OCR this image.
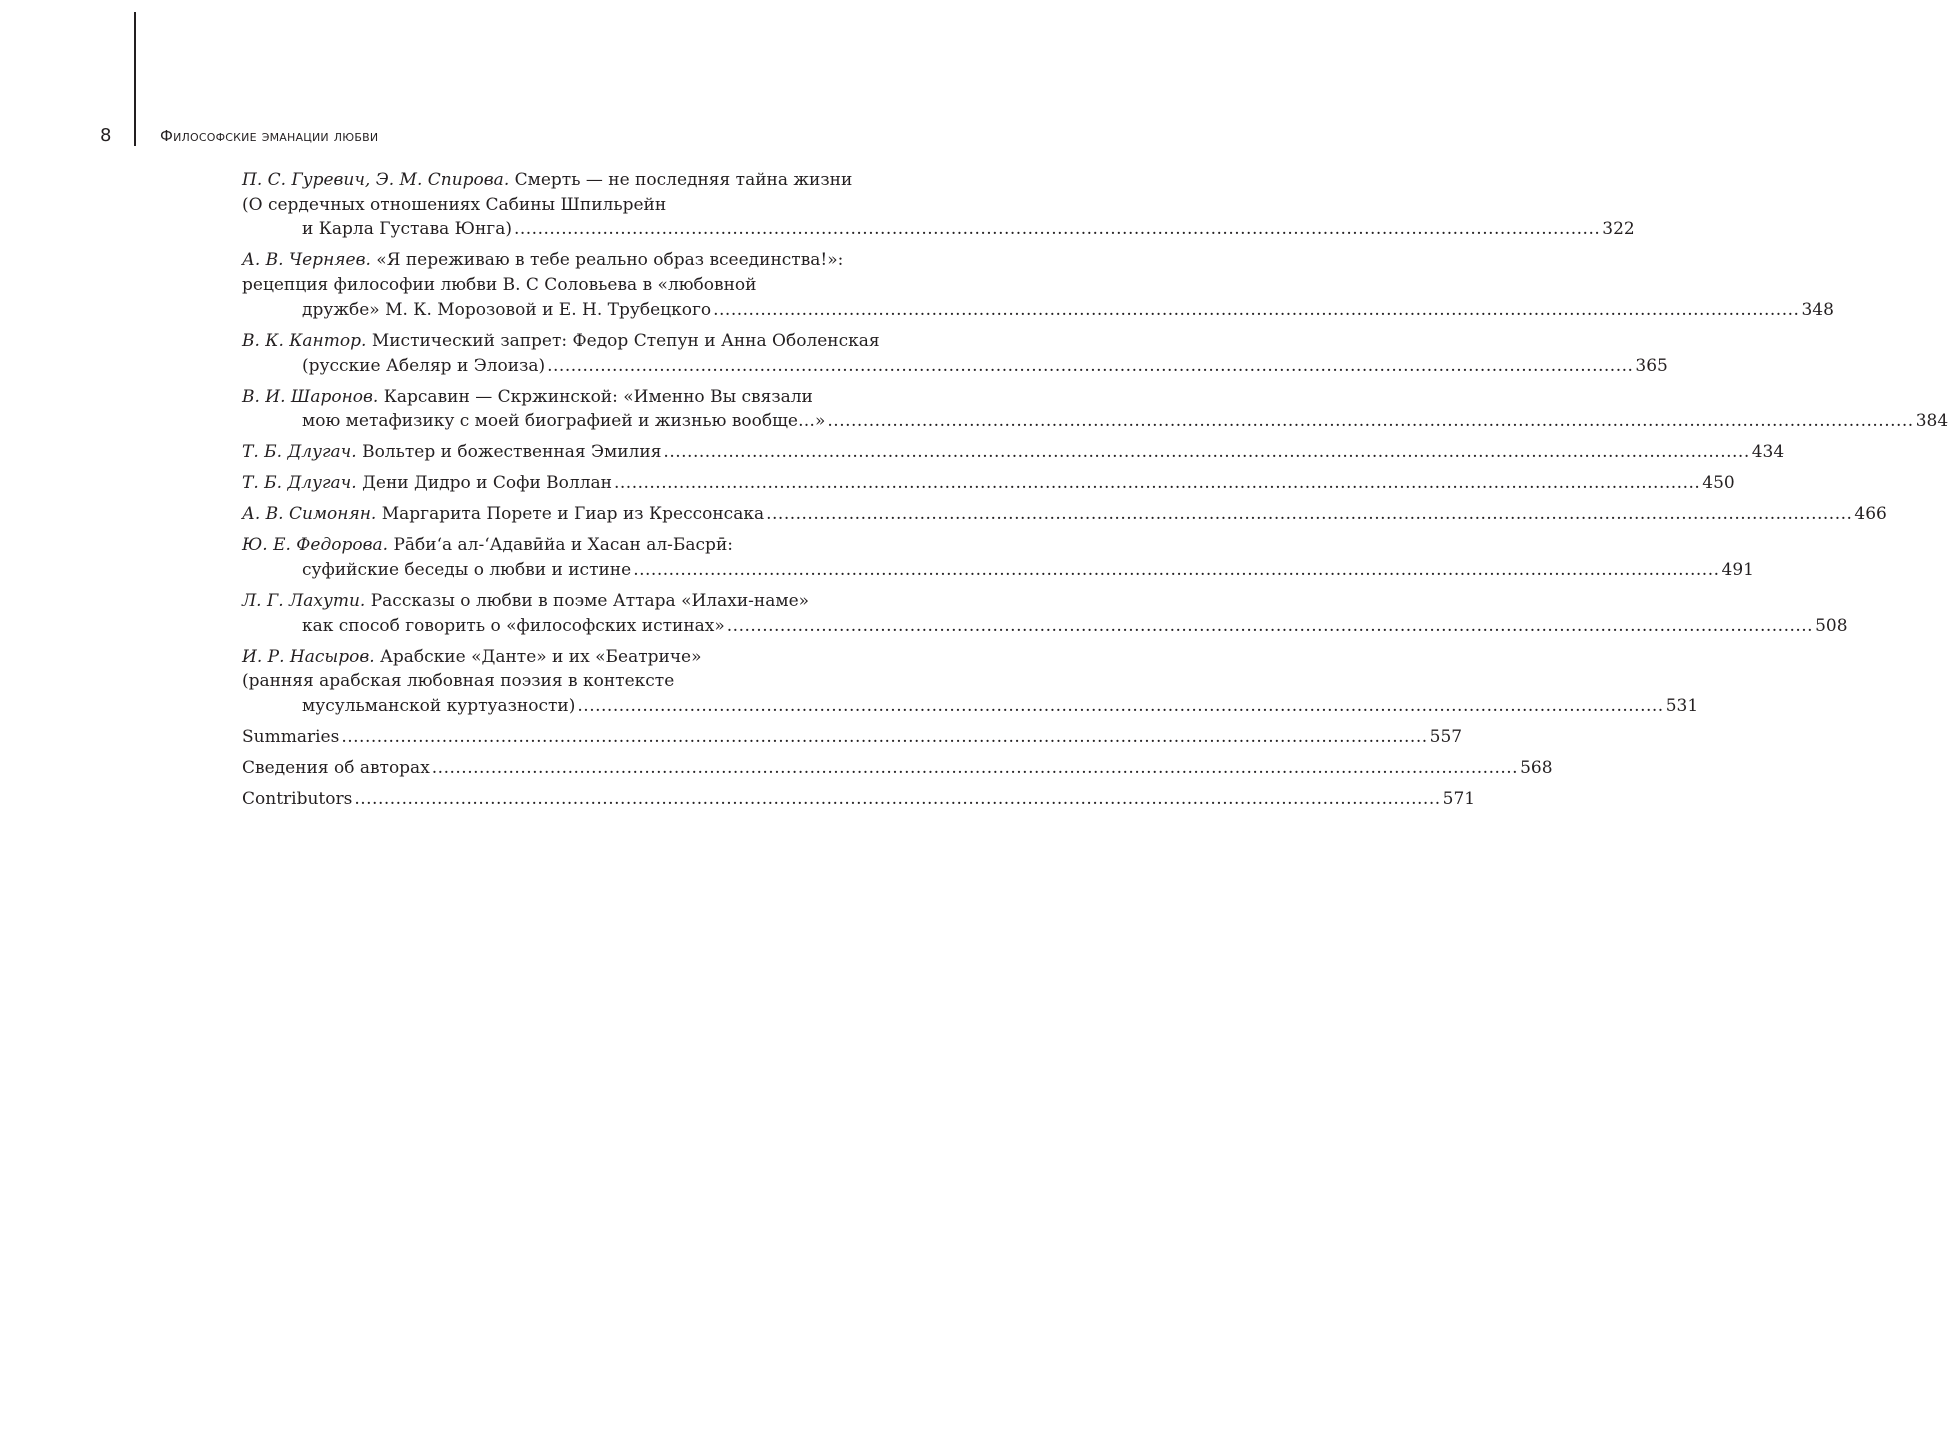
8	Философские эманации любви
П. С. Гуревич, Э. М. Спирова. Смерть — не последняя тайна жизни
(О сердечных отношениях Сабины Шпильрейн
и Карла Густава Юнга) .....	322
А. В. Черняев. «Я переживаю в тебе реально образ всеединства!»:
рецепция философии любви В. С Соловьева в «любовной
дружбе» М. К. Морозовой и Е. Н. Трубецкого .....	348
В. К. Кантор. Мистический запрет: Федор Степун и Анна Оболенская
(русские Абеляр и Элоиза) .....	365
В. И. Шаронов. Карсавин — Скржинской: «Именно Вы связали
мою метафизику с моей биографией и жизнью вообще…» .....	384
Т. Б. Длугач. Вольтер и божественная Эмилия .....	434
Т. Б. Длугач. Дени Дидро и Софи Воллан .....	450
А. В. Симонян. Маргарита Порете и Гиар из Крессонсака .....	466
Ю. Е. Федорова. Ра̄би‘а ал-‘Адавӣйа и Хасан ал-Басрӣ:
суфийские беседы о любви и истине .....	491
Л. Г. Лахути. Рассказы о любви в поэме Аттара «Илахи-наме»
как способ говорить о «философских истинах» .....	508
И. Р. Насыров. Арабские «Данте» и их «Беатриче»
(ранняя арабская любовная поэзия в контексте
мусульманской куртуазности) .....	531
Summaries .....	557
Сведения об авторах .....	568
Contributors .....	571
